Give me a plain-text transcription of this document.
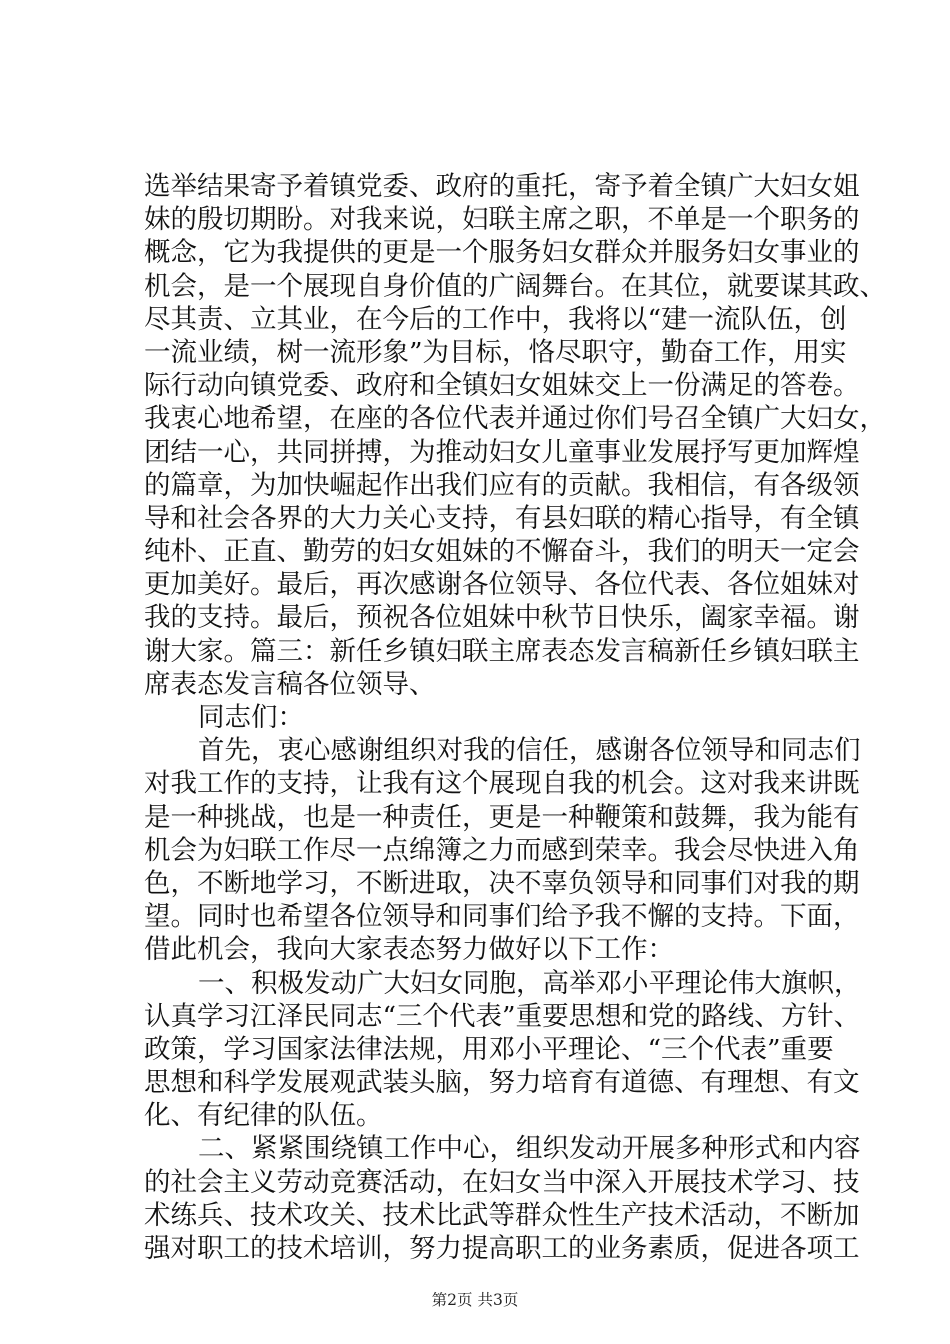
选举结果寄予着镇党委、政府的重托，寄予着全镇广大妇女姐
妹的殷切期盼。对我来说，妇联主席之职，不单是一个职务的
概念，它为我提供的更是一个服务妇女群众并服务妇女事业的
机会，是一个展现自身价值的广阔舞台。在其位，就要谋其政、
尽其责、立其业，在今后的工作中，我将以“建一流队伍，创
一流业绩，树一流形象”为目标，恪尽职守，勤奋工作，用实
际行动向镇党委、政府和全镇妇女姐妹交上一份满足的答卷。
我衷心地希望，在座的各位代表并通过你们号召全镇广大妇女，
团结一心，共同拼搏，为推动妇女儿童事业发展抒写更加辉煌
的篇章，为加快崛起作出我们应有的贡献。我相信，有各级领
导和社会各界的大力关心支持，有县妇联的精心指导，有全镇
纯朴、正直、勤劳的妇女姐妹的不懈奋斗，我们的明天一定会
更加美好。最后，再次感谢各位领导、各位代表、各位姐妹对
我的支持。最后，预祝各位姐妹中秋节日快乐，阖家幸福。谢
谢大家。篇三：新任乡镇妇联主席表态发言稿新任乡镇妇联主
席表态发言稿各位领导、
同志们：
首先，衷心感谢组织对我的信任，感谢各位领导和同志们
对我工作的支持，让我有这个展现自我的机会。这对我来讲既
是一种挑战，也是一种责任，更是一种鞭策和鼓舞，我为能有
机会为妇联工作尽一点绵簿之力而感到荣幸。我会尽快进入角
色，不断地学习，不断进取，决不辜负领导和同事们对我的期
望。同时也希望各位领导和同事们给予我不懈的支持。下面，
借此机会，我向大家表态努力做好以下工作：
一、积极发动广大妇女同胞，高举邓小平理论伟大旗帜，
认真学习江泽民同志“三个代表”重要思想和党的路线、方针、
政策，学习国家法律法规，用邓小平理论、“三个代表”重要
思想和科学发展观武装头脑，努力培育有道德、有理想、有文
化、有纪律的队伍。
二、紧紧围绕镇工作中心，组织发动开展多种形式和内容
的社会主义劳动竞赛活动，在妇女当中深入开展技术学习、技
术练兵、技术攻关、技术比武等群众性生产技术活动，不断加
强对职工的技术培训，努力提高职工的业务素质，促进各项工
第2页 共3页
